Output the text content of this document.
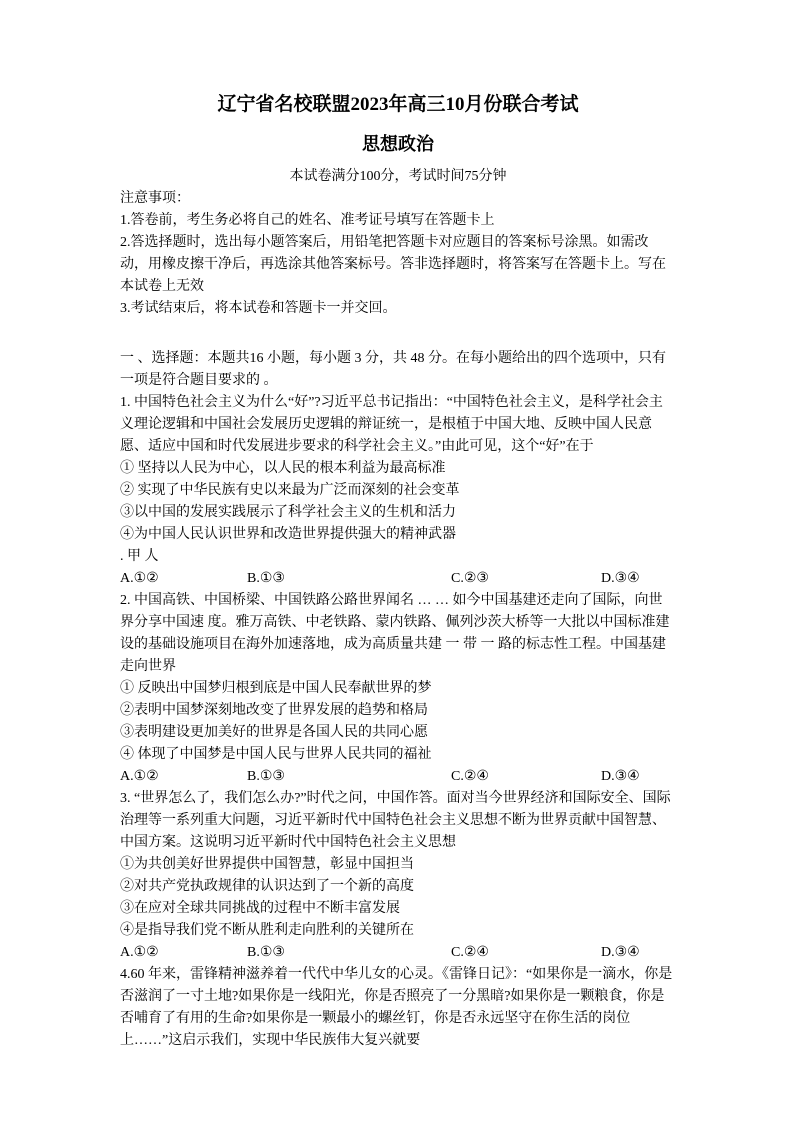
辽宁省名校联盟2023年高三10月份联合考试
思想政治

本试卷满分100分，考试时间75分钟

注意事项：

1.答卷前，考生务必将自己的姓名、准考证号填写在答题卡上

2.答选择题时，选出每小题答案后，用铅笔把答题卡对应题目的答案标号涂黑。如需改动，用橡皮擦干净后，再选涂其他答案标号。答非选择题时，将答案写在答题卡上。写在本试卷上无效

3.考试结束后，将本试卷和答题卡一并交回。

一 、选择题：本题共16 小题，每小题 3 分，共 48 分。在每小题给出的四个选项中，只有一项是符合题目要求的 。

1. 中国特色社会主义为什么“好”?习近平总书记指出：“中国特色社会主义，是科学社会主义理论逻辑和中国社会发展历史逻辑的辩证统一，是根植于中国大地、反映中国人民意愿、适应中国和时代发展进步要求的科学社会主义。”由此可见，这个“好”在于

① 坚持以人民为中心，以人民的根本利益为最高标准

② 实现了中华民族有史以来最为广泛而深刻的社会变革

③以中国的发展实践展示了科学社会主义的生机和活力

④为中国人民认识世界和改造世界提供强大的精神武器

. 甲 人

A.①②	B.①③	C.②③	D.③④

2. 中国高铁、中国桥梁、中国铁路公路世界闻名 … … 如今中国基建还走向了国际，向世界分享中国速 度。雅万高铁、中老铁路、蒙内铁路、佩列沙茨大桥等一大批以中国标准建设的基础设施项目在海外加速落地，成为高质量共建 一 带 一 路的标志性工程。中国基建走向世界

① 反映出中国梦归根到底是中国人民奉献世界的梦

②表明中国梦深刻地改变了世界发展的趋势和格局

③表明建设更加美好的世界是各国人民的共同心愿

④ 体现了中国梦是中国人民与世界人民共同的福祉

A.①②	B.①③	C.②④	D.③④

3. “世界怎么了，我们怎么办?”时代之问，中国作答。面对当今世界经济和国际安全、国际治理等一系列重大问题，习近平新时代中国特色社会主义思想不断为世界贡献中国智慧、中国方案。这说明习近平新时代中国特色社会主义思想

①为共创美好世界提供中国智慧，彰显中国担当

②对共产党执政规律的认识达到了一个新的高度

③在应对全球共同挑战的过程中不断丰富发展

④是指导我们党不断从胜利走向胜利的关键所在

A.①②	B.①③	C.②④	D.③④

4.60 年来，雷锋精神滋养着一代代中华儿女的心灵。《雷锋日记》：“如果你是一滴水，你是否滋润了一寸土地?如果你是一线阳光，你是否照亮了一分黑暗?如果你是一颗粮食，你是否哺育了有用的生命?如果你是一颗最小的螺丝钉，你是否永远坚守在你生活的岗位上……”这启示我们，实现中华民族伟大复兴就要
